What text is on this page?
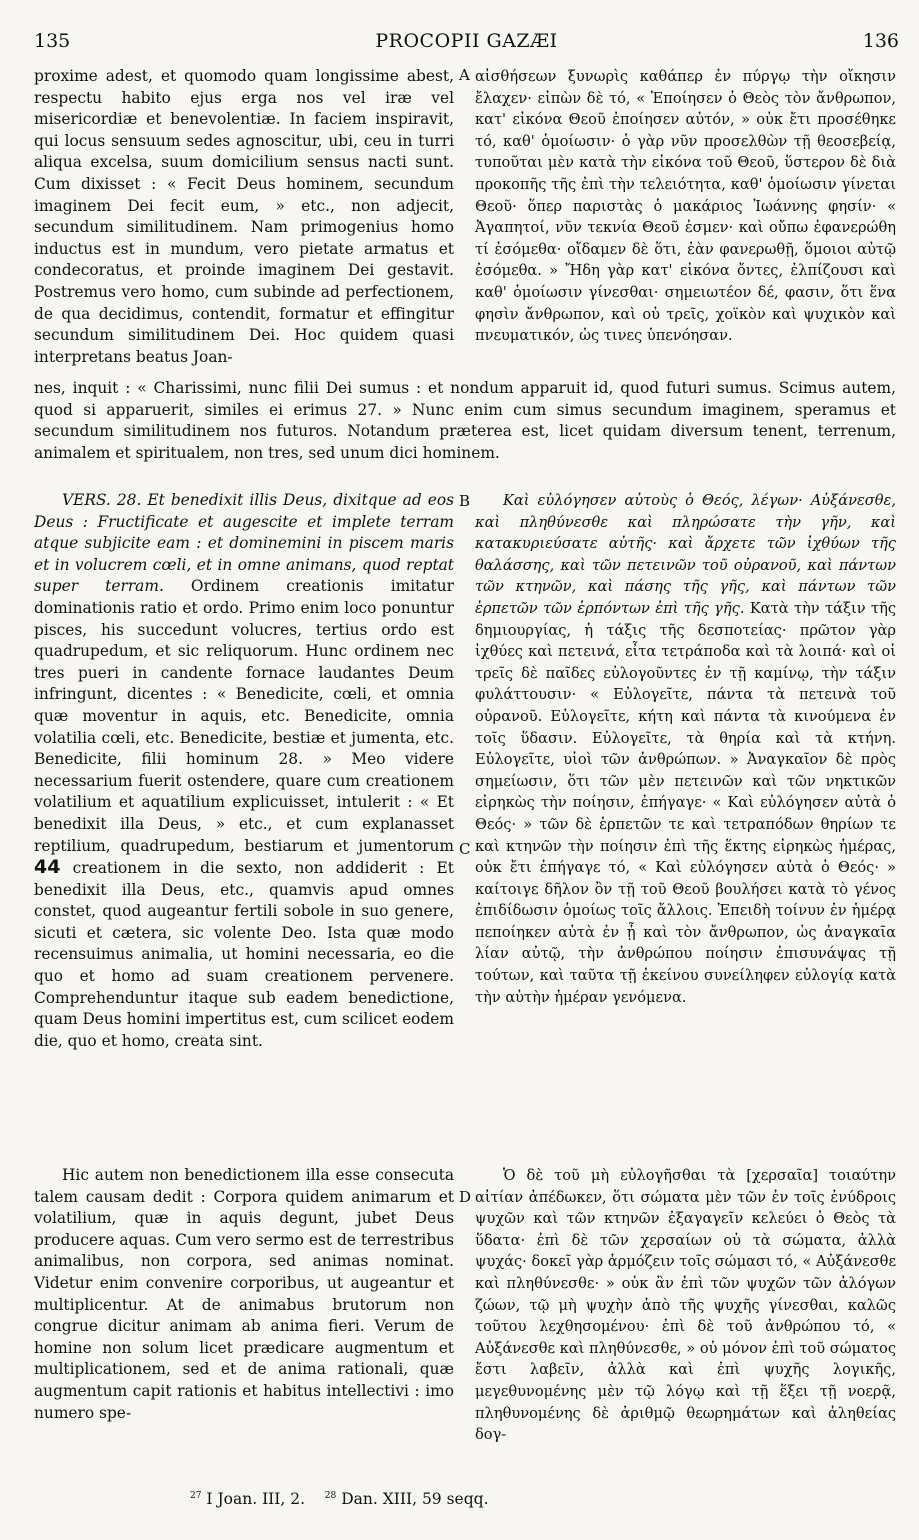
135	PROCOPII GAZÆI	136
A
B
C
D

proxime adest, et quomodo quam longissime abest, respectu habito ejus erga nos vel iræ vel misericordiæ et benevolentiæ. In faciem inspiravit, qui locus sensuum sedes agnoscitur, ubi, ceu in turri aliqua excelsa, suum domicilium sensus nacti sunt. Cum dixisset : « Fecit Deus hominem, secundum imaginem Dei fecit eum, » etc., non adjecit, secundum similitudinem. Nam primogenius homo inductus est in mundum, vero pietate armatus et condecoratus, et proinde imaginem Dei gestavit. Postremus vero homo, cum subinde ad perfectionem, de qua decidimus, contendit, formatur et effingitur secundum similitudinem Dei. Hoc quidem quasi interpretans beatus Joan-

αἰσθήσεων ξυνωρὶς καθάπερ ἐν πύργῳ τὴν οἴκησιν ἔλαχεν· εἰπὼν δὲ τό, « Ἐποίησεν ὁ Θεὸς τὸν ἄνθρωπον, κατ' εἰκόνα Θεοῦ ἐποίησεν αὐτόν, » οὐκ ἔτι προσέθηκε τό, καθ' ὁμοίωσιν· ὁ γὰρ νῦν προσελθὼν τῇ θεοσεβείᾳ, τυποῦται μὲν κατὰ τὴν εἰκόνα τοῦ Θεοῦ, ὕστερον δὲ διὰ προκοπῆς τῆς ἐπὶ τὴν τελειότητα, καθ' ὁμοίωσιν γίνεται Θεοῦ· ὅπερ παριστὰς ὁ μακάριος Ἰωάννης φησίν· « Ἀγαπητοί, νῦν τεκνία Θεοῦ ἐσμεν· καὶ οὔπω ἐφανερώθη τί ἐσόμεθα· οἴδαμεν δὲ ὅτι, ἐὰν φανερωθῇ, ὅμοιοι αὐτῷ ἐσόμεθα. » Ἤδη γὰρ κατ' εἰκόνα ὄντες, ἐλπίζουσι καὶ καθ' ὁμοίωσιν γίνεσθαι· σημειωτέον δέ, φασιν, ὅτι ἕνα φησὶν ἄνθρωπον, καὶ οὐ τρεῖς, χοϊκὸν καὶ ψυχικὸν καὶ πνευματικόν, ὡς τινες ὑπενόησαν.

nes, inquit : « Charissimi, nunc filii Dei sumus : et nondum apparuit id, quod futuri sumus. Scimus autem, quod si apparuerit, similes ei erimus 27. » Nunc enim cum simus secundum imaginem, speramus et secundum similitudinem nos futuros. Notandum præterea est, licet quidam diversum tenent, terrenum, animalem et spiritualem, non tres, sed unum dici hominem.

VERS. 28. Et benedixit illis Deus, dixitque ad eos Deus : Fructificate et augescite et implete terram atque subjicite eam : et dominemini in piscem maris et in volucrem cœli, et in omne animans, quod reptat super terram. Ordinem creationis imitatur dominationis ratio et ordo. Primo enim loco ponuntur pisces, his succedunt volucres, tertius ordo est quadrupedum, et sic reliquorum. Hunc ordinem nec tres pueri in candente fornace laudantes Deum infringunt, dicentes : « Benedicite, cœli, et omnia quæ moventur in aquis, etc. Benedicite, omnia volatilia cœli, etc. Benedicite, bestiæ et jumenta, etc. Benedicite, filii hominum 28. » Meo videre necessarium fuerit ostendere, quare cum creationem volatilium et aquatilium explicuisset, intulerit : « Et benedixit illa Deus, » etc., et cum explanasset reptilium, quadrupedum, bestiarum et jumentorum 44 creationem in die sexto, non addiderit : Et benedixit illa Deus, etc., quamvis apud omnes constet, quod augeantur fertili sobole in suo genere, sicuti et cætera, sic volente Deo. Ista quæ modo recensuimus animalia, ut homini necessaria, eo die quo et homo ad suam creationem pervenere. Comprehenduntur itaque sub eadem benedictione, quam Deus homini impertitus est, cum scilicet eodem die, quo et homo, creata sint.

Καὶ εὐλόγησεν αὐτοὺς ὁ Θεός, λέγων· Αὐξάνεσθε, καὶ πληθύνεσθε καὶ πληρώσατε τὴν γῆν, καὶ κατακυριεύσατε αὐτῆς· καὶ ἄρχετε τῶν ἰχθύων τῆς θαλάσσης, καὶ τῶν πετεινῶν τοῦ οὐρανοῦ, καὶ πάντων τῶν κτηνῶν, καὶ πάσης τῆς γῆς, καὶ πάντων τῶν ἑρπετῶν τῶν ἑρπόντων ἐπὶ τῆς γῆς. Κατὰ τὴν τάξιν τῆς δημιουργίας, ἡ τάξις τῆς δεσποτείας· πρῶτον γὰρ ἰχθύες καὶ πετεινά, εἶτα τετράποδα καὶ τὰ λοιπά· καὶ οἱ τρεῖς δὲ παῖδες εὐλογοῦντες ἐν τῇ καμίνῳ, τὴν τάξιν φυλάττουσιν· « Εὐλογεῖτε, πάντα τὰ πετεινὰ τοῦ οὐρανοῦ. Εὐλογεῖτε, κήτη καὶ πάντα τὰ κινούμενα ἐν τοῖς ὕδασιν. Εὐλογεῖτε, τὰ θηρία καὶ τὰ κτήνη. Εὐλογεῖτε, υἱοὶ τῶν ἀνθρώπων. » Ἀναγκαῖον δὲ πρὸς σημείωσιν, ὅτι τῶν μὲν πετεινῶν καὶ τῶν νηκτικῶν εἰρηκὼς τὴν ποίησιν, ἐπήγαγε· « Καὶ εὐλόγησεν αὐτὰ ὁ Θεός· » τῶν δὲ ἑρπετῶν τε καὶ τετραπόδων θηρίων τε καὶ κτηνῶν τὴν ποίησιν ἐπὶ τῆς ἕκτης εἰρηκὼς ἡμέρας, οὐκ ἔτι ἐπήγαγε τό, « Καὶ εὐλόγησεν αὐτὰ ὁ Θεός· » καίτοιγε δῆλον ὂν τῇ τοῦ Θεοῦ βουλήσει κατὰ τὸ γένος ἐπιδίδωσιν ὁμοίως τοῖς ἄλλοις. Ἐπειδὴ τοίνυν ἐν ἡμέρᾳ πεποίηκεν αὐτὰ ἐν ᾗ καὶ τὸν ἄνθρωπον, ὡς ἀναγκαῖα λίαν αὐτῷ, τὴν ἀνθρώπου ποίησιν ἐπισυνάψας τῇ τούτων, καὶ ταῦτα τῇ ἐκείνου συνείληφεν εὐλογίᾳ κατὰ τὴν αὐτὴν ἡμέραν γενόμενα.

Hic autem non benedictionem illa esse consecuta talem causam dedit : Corpora quidem animarum et volatilium, quæ in aquis degunt, jubet Deus producere aquas. Cum vero sermo est de terrestribus animalibus, non corpora, sed animas nominat. Videtur enim convenire corporibus, ut augeantur et multiplicentur. At de animabus brutorum non congrue dicitur animam ab anima fieri. Verum de homine non solum licet prædicare augmentum et multiplicationem, sed et de anima rationali, quæ augmentum capit rationis et habitus intellectivi : imo numero spe-

Ὁ δὲ τοῦ μὴ εὐλογῆσθαι τὰ [χερσαῖα] τοιαύτην αἰτίαν ἀπέδωκεν, ὅτι σώματα μὲν τῶν ἐν τοῖς ἐνύδροις ψυχῶν καὶ τῶν κτηνῶν ἐξαγαγεῖν κελεύει ὁ Θεὸς τὰ ὕδατα· ἐπὶ δὲ τῶν χερσαίων οὐ τὰ σώματα, ἀλλὰ ψυχάς· δοκεῖ γὰρ ἁρμόζειν τοῖς σώμασι τό, « Αὐξάνεσθε καὶ πληθύνεσθε· » οὐκ ἂν ἐπὶ τῶν ψυχῶν τῶν ἀλόγων ζώων, τῷ μὴ ψυχὴν ἀπὸ τῆς ψυχῆς γίνεσθαι, καλῶς τοῦτου λεχθησομένου· ἐπὶ δὲ τοῦ ἀνθρώπου τό, « Αὐξάνεσθε καὶ πληθύνεσθε, » οὐ μόνον ἐπὶ τοῦ σώματος ἔστι λαβεῖν, ἀλλὰ καὶ ἐπὶ ψυχῆς λογικῆς, μεγεθυνομένης μὲν τῷ λόγῳ καὶ τῇ ἕξει τῇ νοερᾷ, πληθυνομένης δὲ ἀριθμῷ θεωρημάτων καὶ ἀληθείας δογ-

$^{27}$ I Joan. III, 2. $^{28}$ Dan. XIII, 59 seqq.
